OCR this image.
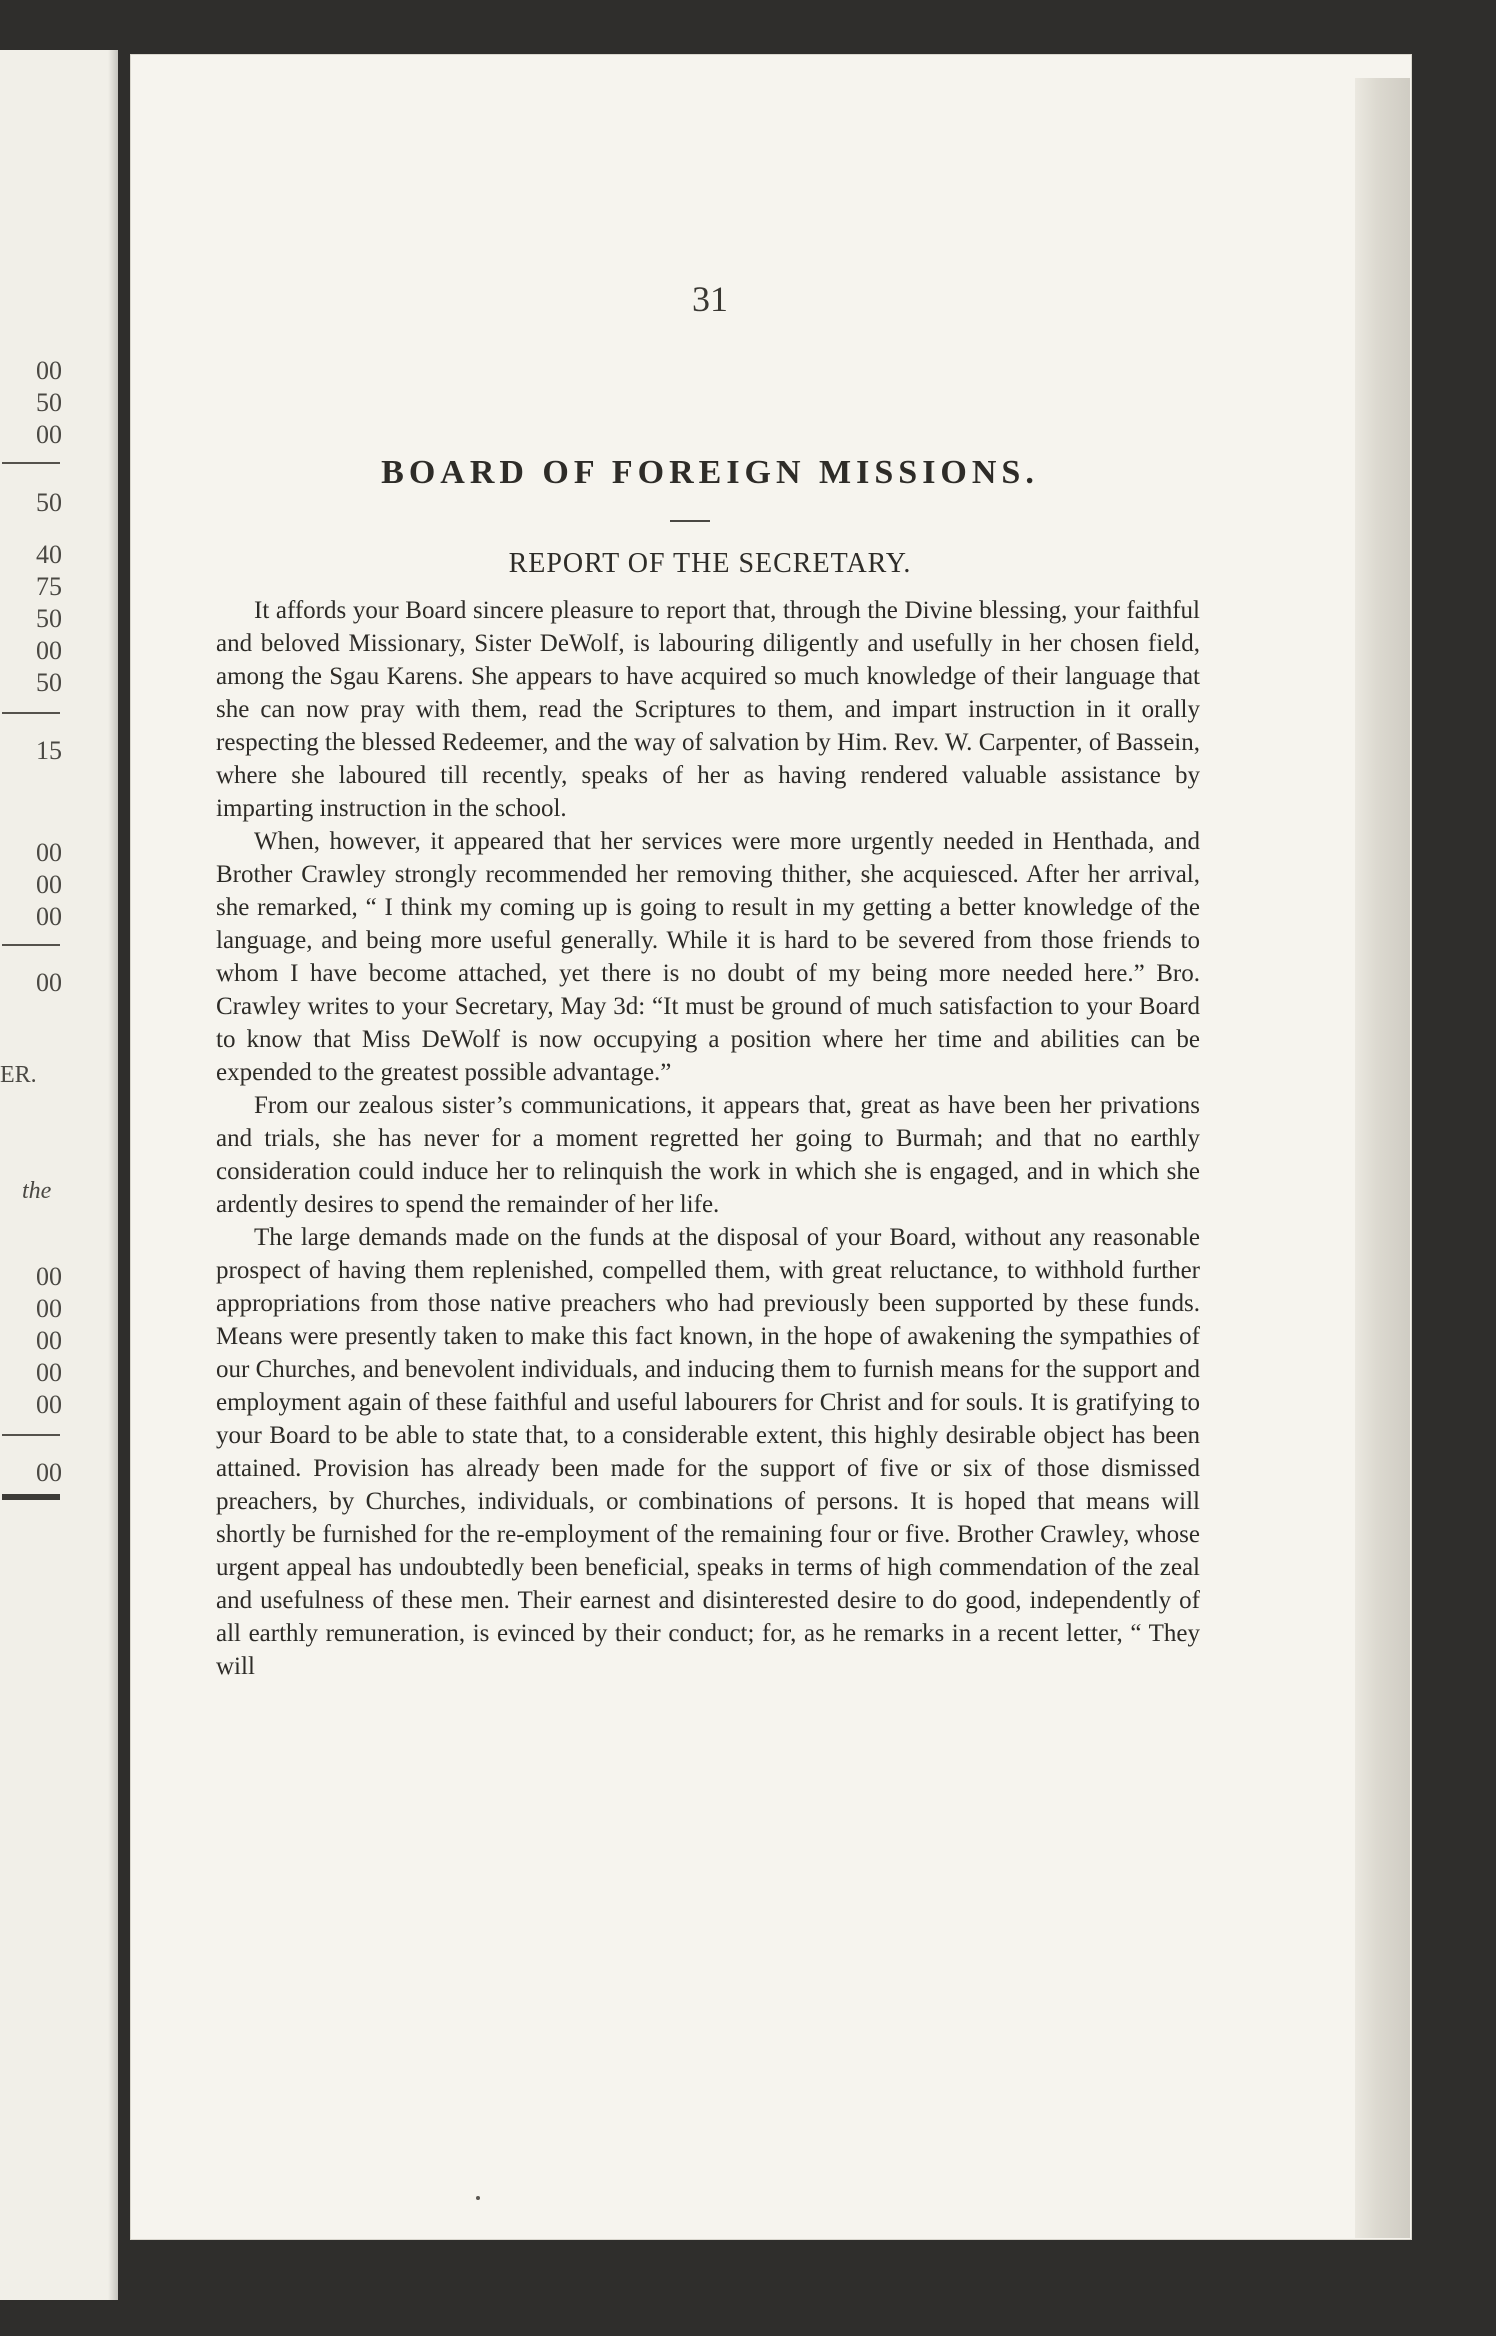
00
50
00
50
40
75
50
00
50
15
00
00
00
00
ER.
the
00
00
00
00
00
00
31
BOARD OF FOREIGN MISSIONS.
REPORT OF THE SECRETARY.

It affords your Board sincere pleasure to report that, through the Divine blessing, your faithful and beloved Missionary, Sister DeWolf, is labouring diligently and usefully in her chosen field, among the Sgau Karens. She appears to have acquired so much knowledge of their language that she can now pray with them, read the Scriptures to them, and impart instruction in it orally respecting the blessed Redeemer, and the way of salvation by Him. Rev. W. Carpenter, of Bassein, where she laboured till recently, speaks of her as having rendered valuable assistance by imparting instruction in the school.

When, however, it appeared that her services were more urgently needed in Henthada, and Brother Crawley strongly recommended her removing thither, she acquiesced. After her arrival, she remarked, “ I think my coming up is going to result in my getting a better knowledge of the language, and being more useful generally. While it is hard to be severed from those friends to whom I have become attached, yet there is no doubt of my being more needed here.” Bro. Crawley writes to your Secretary, May 3d: “It must be ground of much satisfaction to your Board to know that Miss DeWolf is now occupying a position where her time and abilities can be expended to the greatest possible advantage.”

From our zealous sister’s communications, it appears that, great as have been her privations and trials, she has never for a moment regretted her going to Burmah; and that no earthly consideration could induce her to relinquish the work in which she is engaged, and in which she ardently desires to spend the remainder of her life.

The large demands made on the funds at the disposal of your Board, without any reasonable prospect of having them replenished, compelled them, with great reluctance, to withhold further appropriations from those native preachers who had previously been supported by these funds. Means were presently taken to make this fact known, in the hope of awakening the sympathies of our Churches, and benevolent individuals, and inducing them to furnish means for the support and employment again of these faithful and useful labourers for Christ and for souls. It is gratifying to your Board to be able to state that, to a considerable extent, this highly desirable object has been attained. Provision has already been made for the support of five or six of those dismissed preachers, by Churches, individuals, or combinations of persons. It is hoped that means will shortly be furnished for the re-employment of the remaining four or five. Brother Crawley, whose urgent appeal has undoubtedly been beneficial, speaks in terms of high commendation of the zeal and usefulness of these men. Their earnest and disinterested desire to do good, independently of all earthly remuneration, is evinced by their conduct; for, as he remarks in a recent letter, “ They will
